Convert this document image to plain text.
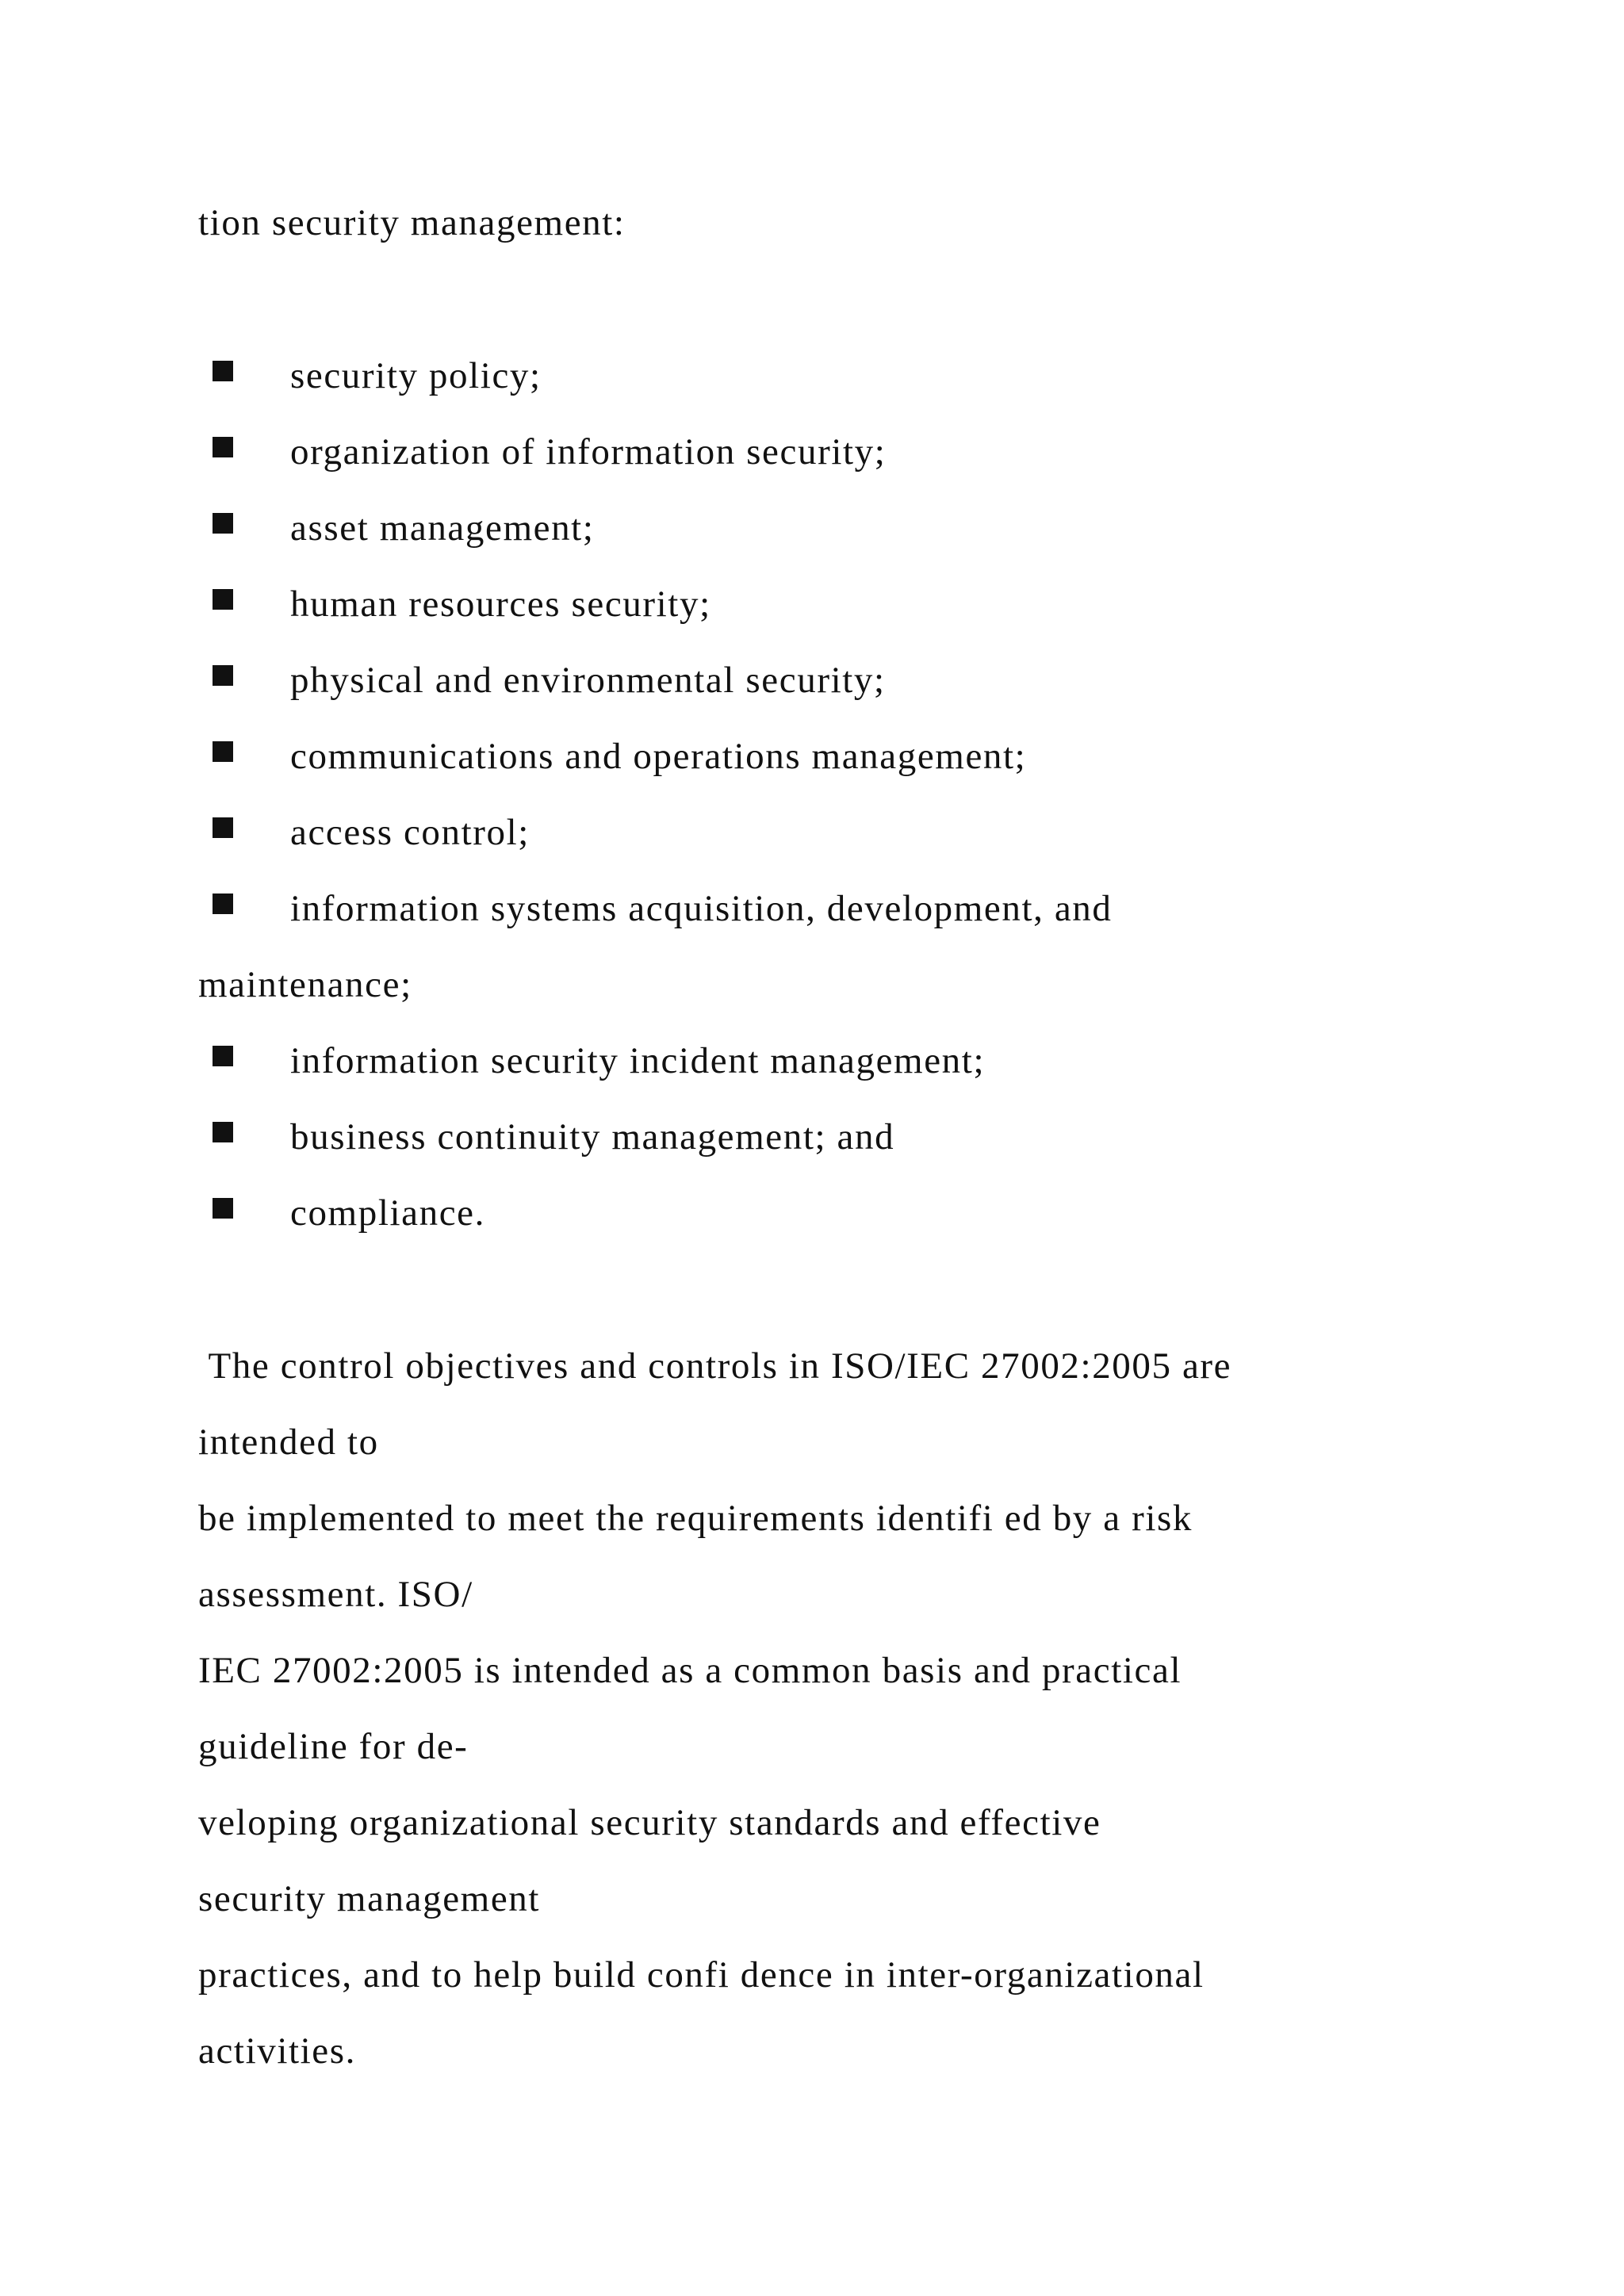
tion security management:

security policy;

organization of information security;

asset management;

human resources security;

physical and environmental security;

communications and operations management;

access control;

information systems acquisition, development, and

maintenance;

information security incident management;

business continuity management; and

compliance.

The control objectives and controls in ISO/IEC 27002:2005 are
intended to
be implemented to meet the requirements identifi ed by a risk
assessment. ISO/
IEC 27002:2005 is intended as a common basis and practical
guideline for de-
veloping organizational security standards and effective
security management
practices, and to help build confi dence in inter-organizational
activities.
